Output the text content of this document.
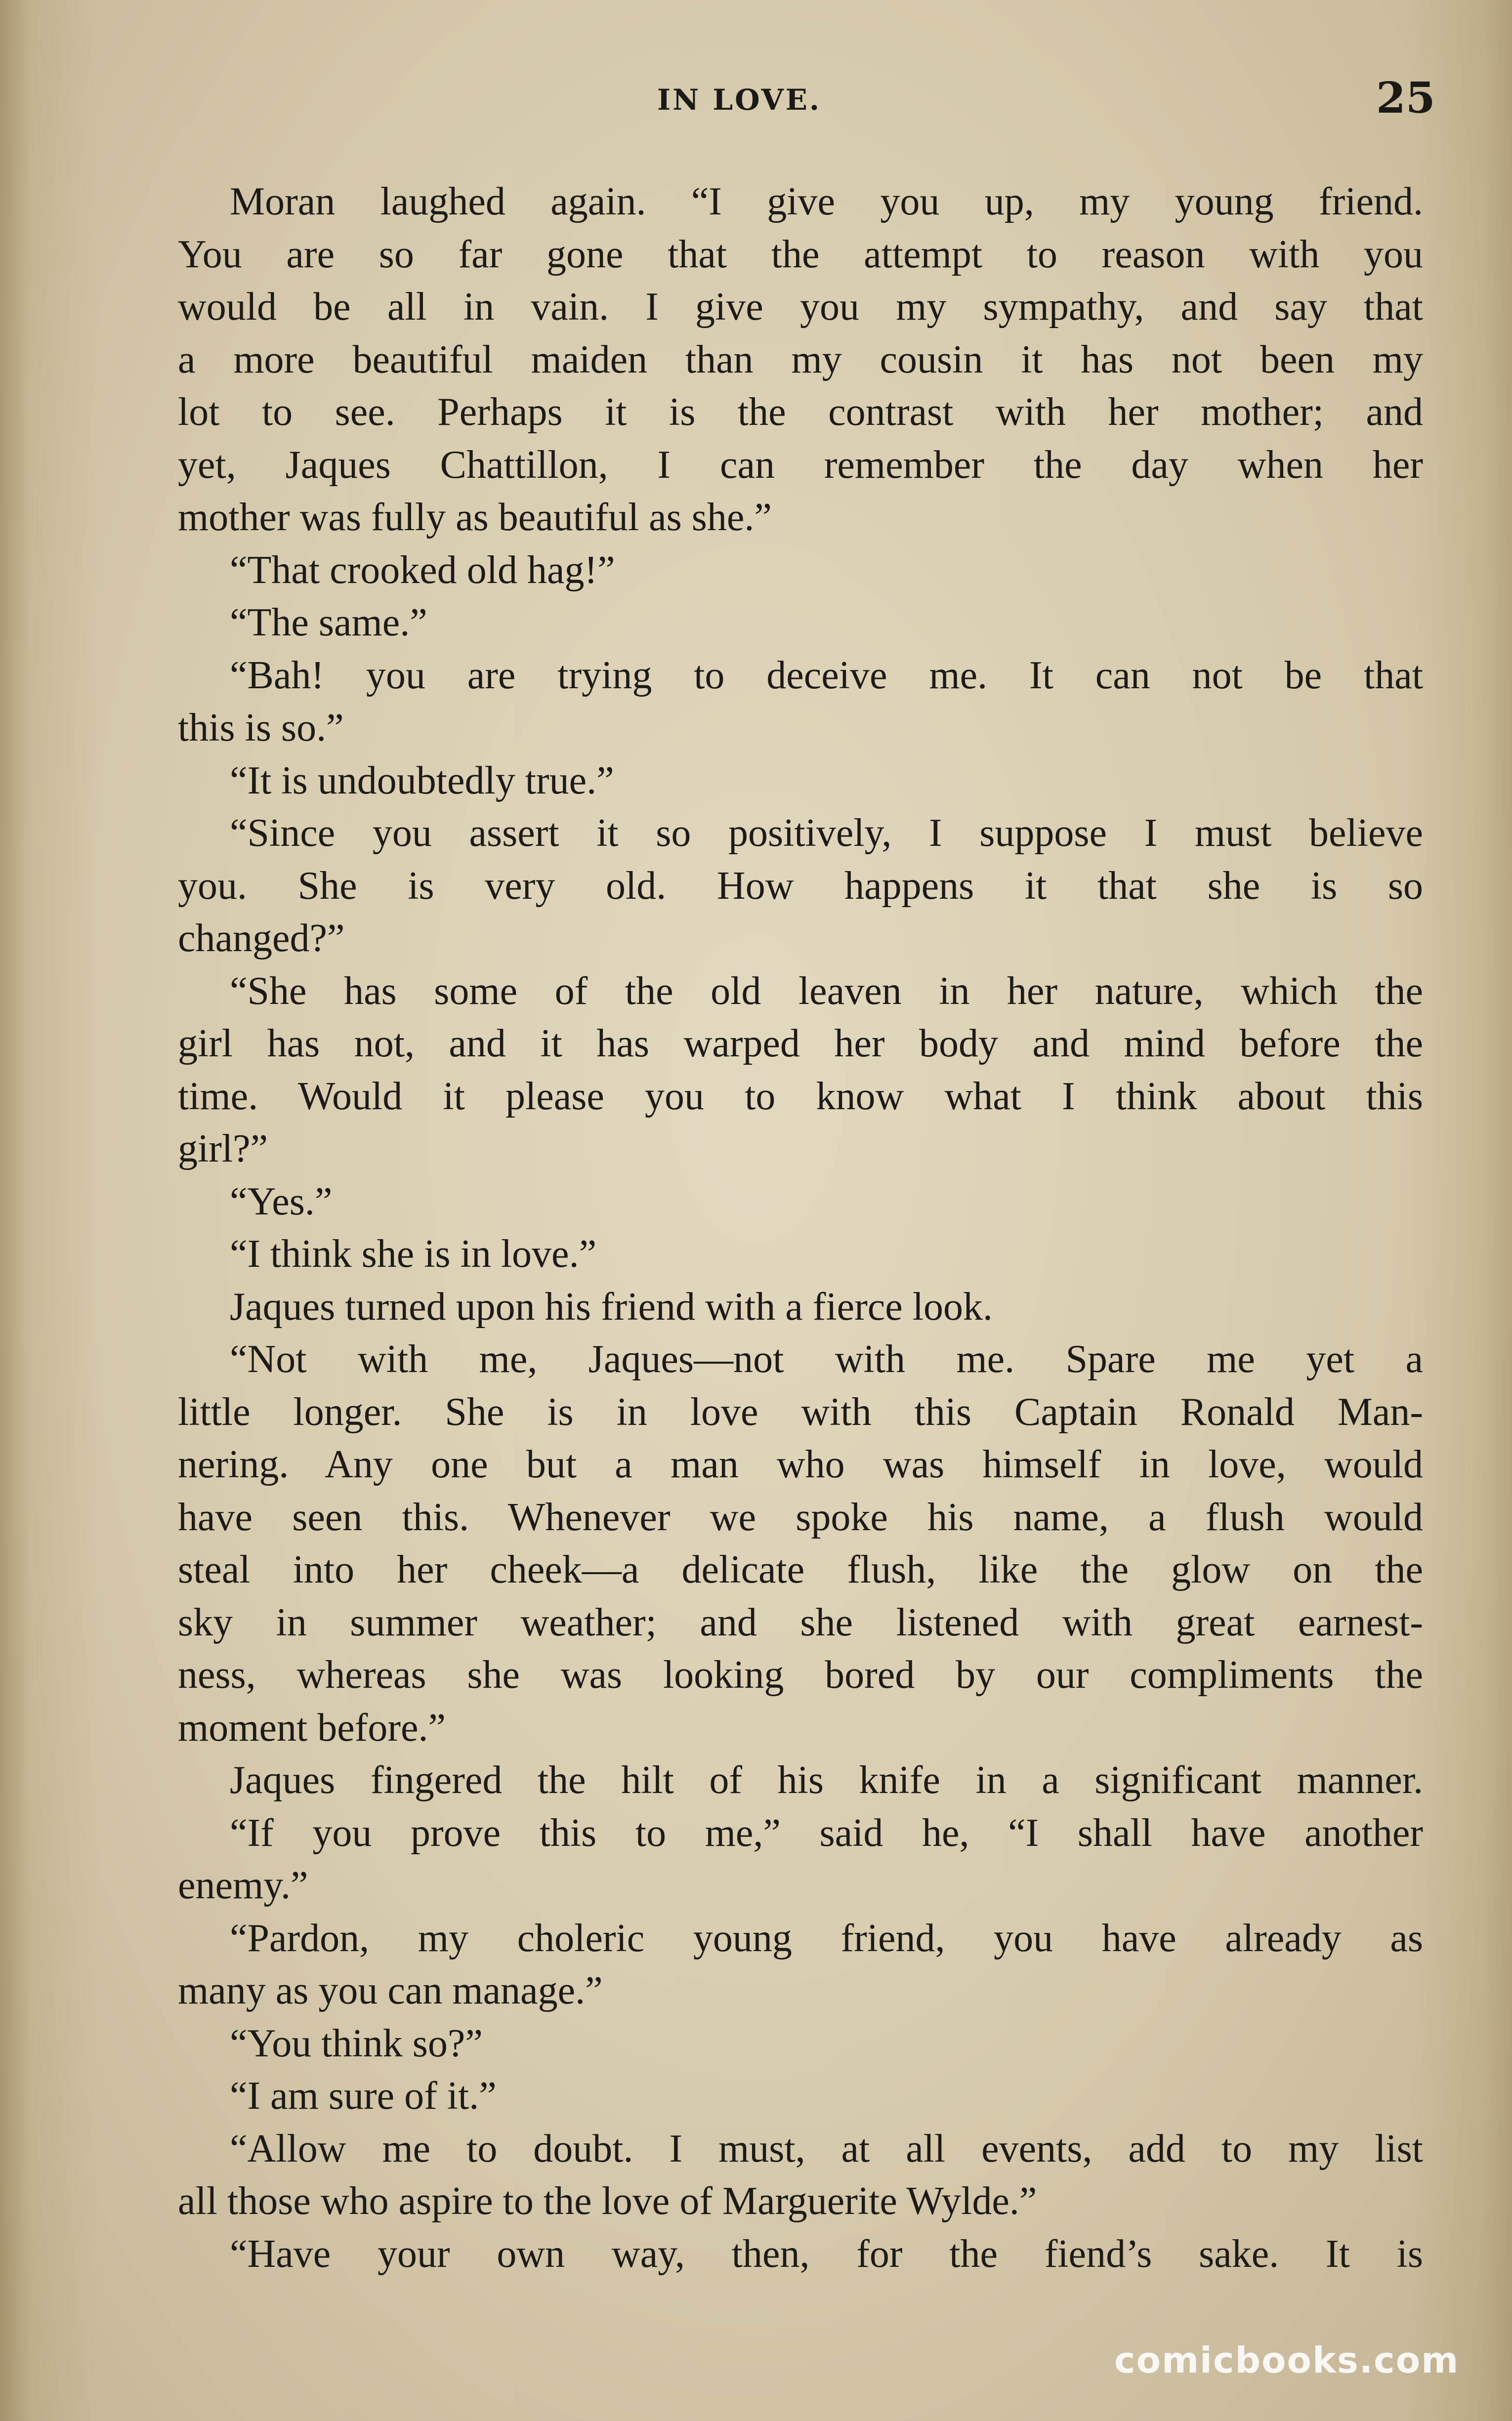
IN LOVE.	25
Moran laughed again. “I give you up, my young friend.
You are so far gone that the attempt to reason with you
would be all in vain. I give you my sympathy, and say that
a more beautiful maiden than my cousin it has not been my
lot to see. Perhaps it is the contrast with her mother; and
yet, Jaques Chattillon, I can remember the day when her
mother was fully as beautiful as she.”
“That crooked old hag!”
“The same.”
“Bah! you are trying to deceive me. It can not be that
this is so.”
“It is undoubtedly true.”
“Since you assert it so positively, I suppose I must believe
you. She is very old. How happens it that she is so
changed?”
“She has some of the old leaven in her nature, which the
girl has not, and it has warped her body and mind before the
time. Would it please you to know what I think about this
girl?”
“Yes.”
“I think she is in love.”
Jaques turned upon his friend with a fierce look.
“Not with me, Jaques—not with me. Spare me yet a
little longer. She is in love with this Captain Ronald Man-
nering. Any one but a man who was himself in love, would
have seen this. Whenever we spoke his name, a flush would
steal into her cheek—a delicate flush, like the glow on the
sky in summer weather; and she listened with great earnest-
ness, whereas she was looking bored by our compliments the
moment before.”
Jaques fingered the hilt of his knife in a significant manner.
“If you prove this to me,” said he, “I shall have another
enemy.”
“Pardon, my choleric young friend, you have already as
many as you can manage.”
“You think so?”
“I am sure of it.”
“Allow me to doubt. I must, at all events, add to my list
all those who aspire to the love of Marguerite Wylde.”
“Have your own way, then, for the fiend’s sake. It is
comicbooks.com
